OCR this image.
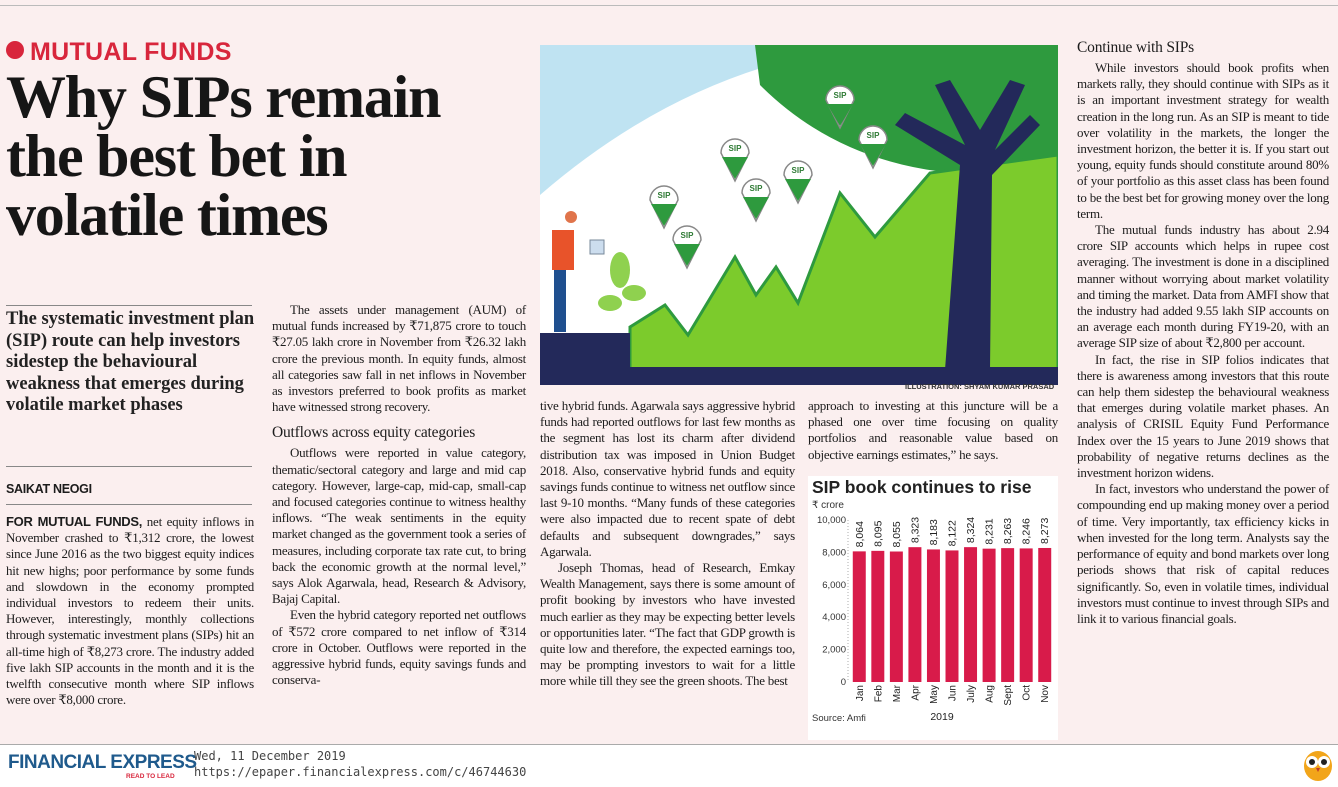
MUTUAL FUNDS
Why SIPs remain the best bet in volatile times
The systematic investment plan (SIP) route can help investors sidestep the behavioural weakness that emerges during volatile market phases
SAIKAT NEOGI

FOR MUTUAL FUNDS, net equity inflows in November crashed to ₹1,312 crore, the lowest since June 2016 as the two biggest equity indices hit new highs; poor performance by some funds and slowdown in the economy prompted individual investors to redeem their units. However, interestingly, monthly collections through systematic investment plans (SIPs) hit an all-time high of ₹8,273 crore. The industry added five lakh SIP accounts in the month and it is the twelfth consecutive month where SIP inflows were over ₹8,000 crore.

The assets under management (AUM) of mutual funds increased by ₹71,875 crore to touch ₹27.05 lakh crore in November from ₹26.32 lakh crore the previous month. In equity funds, almost all categories saw fall in net inflows in November as investors preferred to book profits as market have witnessed strong recovery.

Outflows across equity categories

Outflows were reported in value category, thematic/sectoral category and large and mid cap category. However, large-cap, mid-cap, small-cap and focused categories continue to witness healthy inflows. “The weak sentiments in the equity market changed as the government took a series of measures, including corporate tax rate cut, to bring back the economic growth at the normal level,” says Alok Agarwala, head, Research & Advisory, Bajaj Capital.

Even the hybrid category reported net outflows of ₹572 crore compared to net inflow of ₹314 crore in October. Outflows were reported in the aggressive hybrid funds, equity savings funds and conserva-

SIP
SIP
SIP
SIP
SIP
SIP
SIP
ILLUSTRATION: SHYAM KUMAR PRASAD

tive hybrid funds. Agarwala says aggressive hybrid funds had reported outflows for last few months as the segment has lost its charm after dividend distribution tax was imposed in Union Budget 2018. Also, conservative hybrid funds and equity savings funds continue to witness net outflow since last 9-10 months. “Many funds of these categories were also impacted due to recent spate of debt defaults and subsequent downgrades,” says Agarwala.

Joseph Thomas, head of Research, Emkay Wealth Management, says there is some amount of profit booking by investors who have invested much earlier as they may be expecting better levels or opportunities later. “The fact that GDP growth is quite low and therefore, the expected earnings too, may be prompting investors to wait for a little more while till they see the green shoots. The best

approach to investing at this juncture will be a phased one over time focusing on quality portfolios and reasonable value based on objective earnings estimates,” he says.

0
2,000
4,000
6,000
8,000
10,000
8,064
Jan
8,095
Feb
8,055
Mar
8,323
Apr
8,183
May
8,122
Jun
8,324
July
8,231
Aug
8,263
Sept
8,246
Oct
8,273
Nov
2019
SIP book continues to rise
₹ crore
Source: Amfi
Continue with SIPs

While investors should book profits when markets rally, they should continue with SIPs as it is an important investment strategy for wealth creation in the long run. As an SIP is meant to tide over volatility in the markets, the longer the investment horizon, the better it is. If you start out young, equity funds should constitute around 80% of your portfolio as this asset class has been found to be the best bet for growing money over the long term.

The mutual funds industry has about 2.94 crore SIP accounts which helps in rupee cost averaging. The investment is done in a disciplined manner without worrying about market volatility and timing the market. Data from AMFI show that the industry had added 9.55 lakh SIP accounts on an average each month during FY19-20, with an average SIP size of about ₹2,800 per account.

In fact, the rise in SIP folios indicates that there is awareness among investors that this route can help them sidestep the behavioural weakness that emerges during volatile market phases. An analysis of CRISIL Equity Fund Performance Index over the 15 years to June 2019 shows that probability of negative returns declines as the investment horizon widens.

In fact, investors who understand the power of compounding end up making money over a period of time. Very importantly, tax efficiency kicks in when invested for the long term. Analysts say the performance of equity and bond markets over long periods shows that risk of capital reduces significantly. So, even in volatile times, individual investors must continue to invest through SIPs and link it to various financial goals.

FINANCIAL EXPRESS
READ TO LEAD
Wed, 11 December 2019
https://epaper.financialexpress.com/c/46744630
